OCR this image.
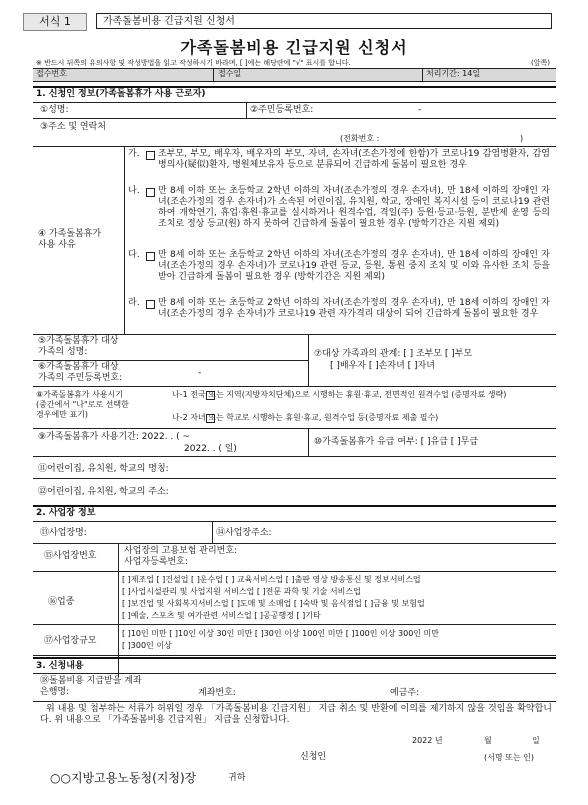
서식 1	가족돌봄비용 긴급지원 신청서
가족돌봄비용 긴급지원 신청서
※ 반드시 뒤쪽의 유의사항 및 작성방법을 읽고 작성하시기 바라며, [ ]에는 해당란에 "√" 표시를 합니다.	(앞쪽)
접수번호	접수일	처리기간: 14일
1. 신청인 정보(가족돌봄휴가 사용 근로자)
①성명:	②주민등록번호:	-
③주소 및 연락처
(전화번호 :	)
④ 가족돌봄휴가
사용 사유
가. 조부모, 부모, 배우자, 배우자의 부모, 자녀, 손자녀(조손가정에 한함)가 코로나19 감염병환자, 감염병의사(疑似)환자, 병원체보유자 등으로 분류되어 긴급하게 돌봄이 필요한 경우
나. 만 8세 이하 또는 초등학교 2학년 이하의 자녀(조손가정의 경우 손자녀), 만 18세 이하의 장애인 자녀(조손가정의 경우 손자녀)가 소속된 어린이집, 유치원, 학교, 장애인 복지시설 등이 코로나19 관련하여 개학연기, 휴업·휴원·휴교를 실시하거나 원격수업, 격일(주) 등원·등교·등원, 분반제 운영 등의 조치로 정상 등교(원) 하지 못하여 긴급하게 돌봄이 필요한 경우 (방학기간은 지원 제외)
다. 만 8세 이하 또는 초등학교 2학년 이하의 자녀(조손가정의 경우 손자녀), 만 18세 이하의 장애인 자녀(조손가정의 경우 손자녀)가 코로나19 관련 등교, 등원, 통원 중지 조치 및 이와 유사한 조치 등을 받아 긴급하게 돌봄이 필요한 경우 (방학기간은 지원 제외)
라. 만 8세 이하 또는 초등학교 2학년 이하의 자녀(조손가정의 경우 손자녀), 만 18세 이하의 장애인 자녀(조손가정의 경우 손자녀)가 코로나19 관련 자가격리 대상이 되어 긴급하게 돌봄이 필요한 경우
⑤가족돌봄휴가 대상
가족의 성명:
⑥가족돌봄휴가 대상
가족의 주민등록번호:	-
⑦대상 가족과의 관계: [ ] 조부모 [ ]부모
[ ]배우자 [ ]손자녀 [ ]자녀
⑧가족돌봄휴가 사용시기
(중간에서 "나"로로 선택한
경우에만 표기)
나-1 전국 또는 지역(지방자치단체)으로 시행하는 휴원·휴교, 전면적인 원격수업 (증명자료 생략)
나-2 자녀 또는 학교로 시행하는 휴원·휴교, 원격수업 등(증명자료 제출 필수)
⑨가족돌봄휴가 사용기간: 2022. . ( ~
2022. . ( 일)
⑩가족돌봄휴가 유급 여부: [ ]유급 [ ]무급
⑪어린이집, 유치원, 학교의 명칭:
⑫어린이집, 유치원, 학교의 주소:
2. 사업장 정보
⑬사업장명:	⑭사업장주소:
⑮사업장번호	사업장의 고용보험 관리번호:
사업자등록번호:
⑯업종
[ ]제조업 [ ]건설업 [ ]운수업 [ ] 교육서비스업 [ ]출판 영상 방송통신 및 정보서비스업
[ ]사업시설관리 및 사업지원 서비스업 [ ]전문 과학 및 기술 서비스업
[ ]보건업 및 사회복지서비스업 [ ]도매 및 소매업 [ ]숙박 및 음식점업 [ ]금융 및 보험업
[ ]예술, 스포츠 및 여가관련 서비스업 [ ]공공행정 [ ]기타
⑰사업장규모
[ ]10인 미만 [ ]10인 이상 30인 미만 [ ]30인 이상 100인 미만 [ ]100인 이상 300인 미만
[ ]300인 이상
3. 신청내용
⑱돌봄비용 지급받을 계좌
은행명:	계좌번호:	예금주:
위 내용 및 첨부하는 서류가 허위일 경우 「가족돌봄비용 긴급지원」 지급 취소 및 반환에 이의를 제기하지 않을 것임을 확약합니다. 위 내용으로 「가족돌봄비용 긴급지원」 지급을 신청합니다.
2022 년	월	일
신청인	(서명 또는 인)
○○지방고용노동청(지청)장	귀하
